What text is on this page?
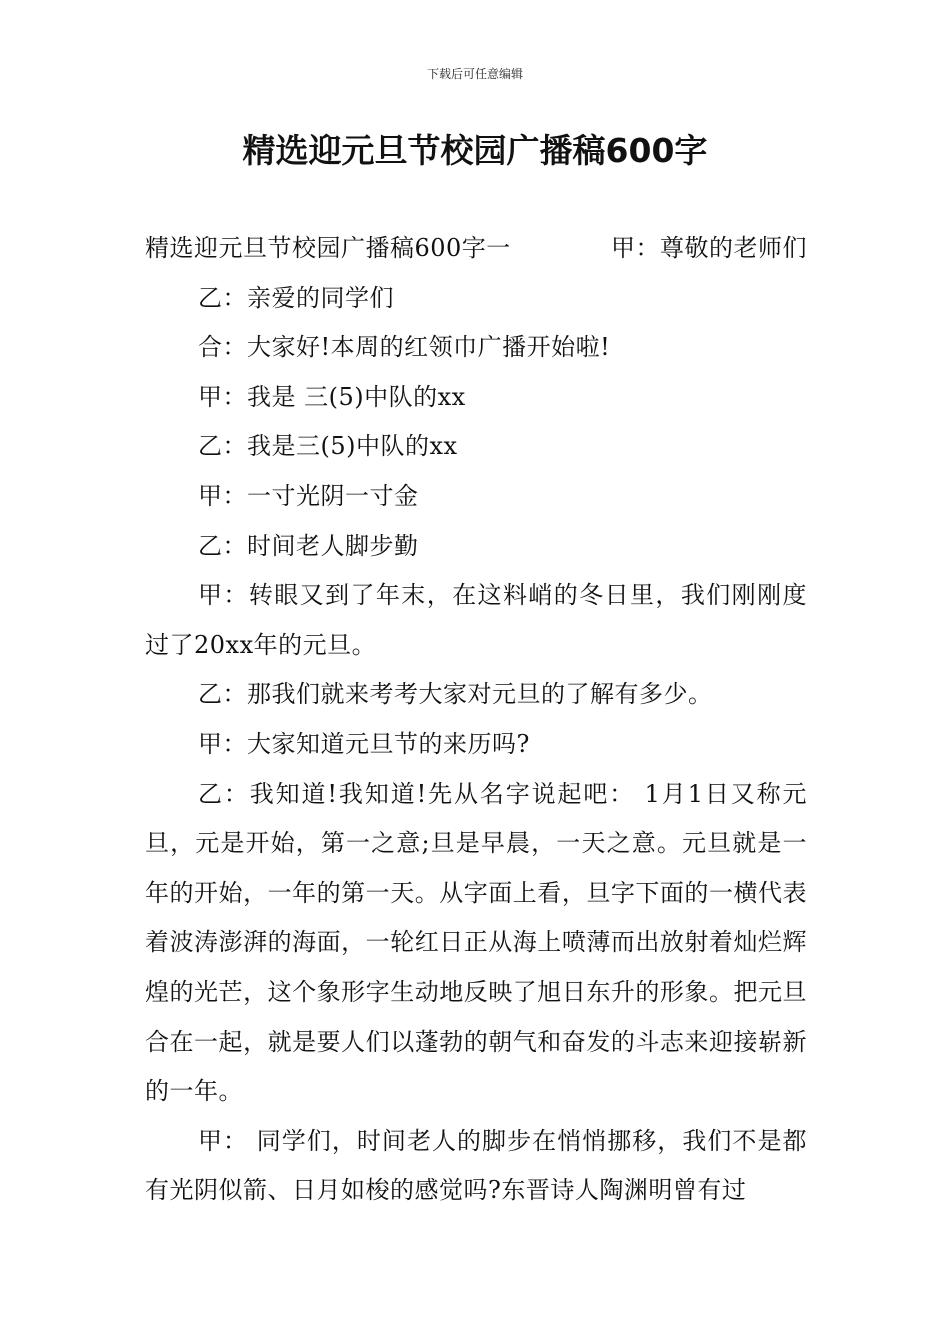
下载后可任意编辑
精选迎元旦节校园广播稿600字

精选迎元旦节校园广播稿600字一	甲：尊敬的老师们

乙：亲爱的同学们

合：大家好!本周的红领巾广播开始啦!

甲：我是 三(5)中队的xx

乙：我是三(5)中队的xx

甲：一寸光阴一寸金

乙：时间老人脚步勤

甲：转眼又到了年末，在这料峭的冬日里，我们刚刚度过了20xx年的元旦。

乙：那我们就来考考大家对元旦的了解有多少。

甲：大家知道元旦节的来历吗?

乙：我知道!我知道!先从名字说起吧： 1月1日又称元旦，元是开始，第一之意;旦是早晨，一天之意。元旦就是一年的开始，一年的第一天。从字面上看，旦字下面的一横代表着波涛澎湃的海面，一轮红日正从海上喷薄而出放射着灿烂辉煌的光芒，这个象形字生动地反映了旭日东升的形象。把元旦合在一起，就是要人们以蓬勃的朝气和奋发的斗志来迎接崭新的一年。

甲： 同学们，时间老人的脚步在悄悄挪移，我们不是都有光阴似箭、日月如梭的感觉吗?东晋诗人陶渊明曾有过
